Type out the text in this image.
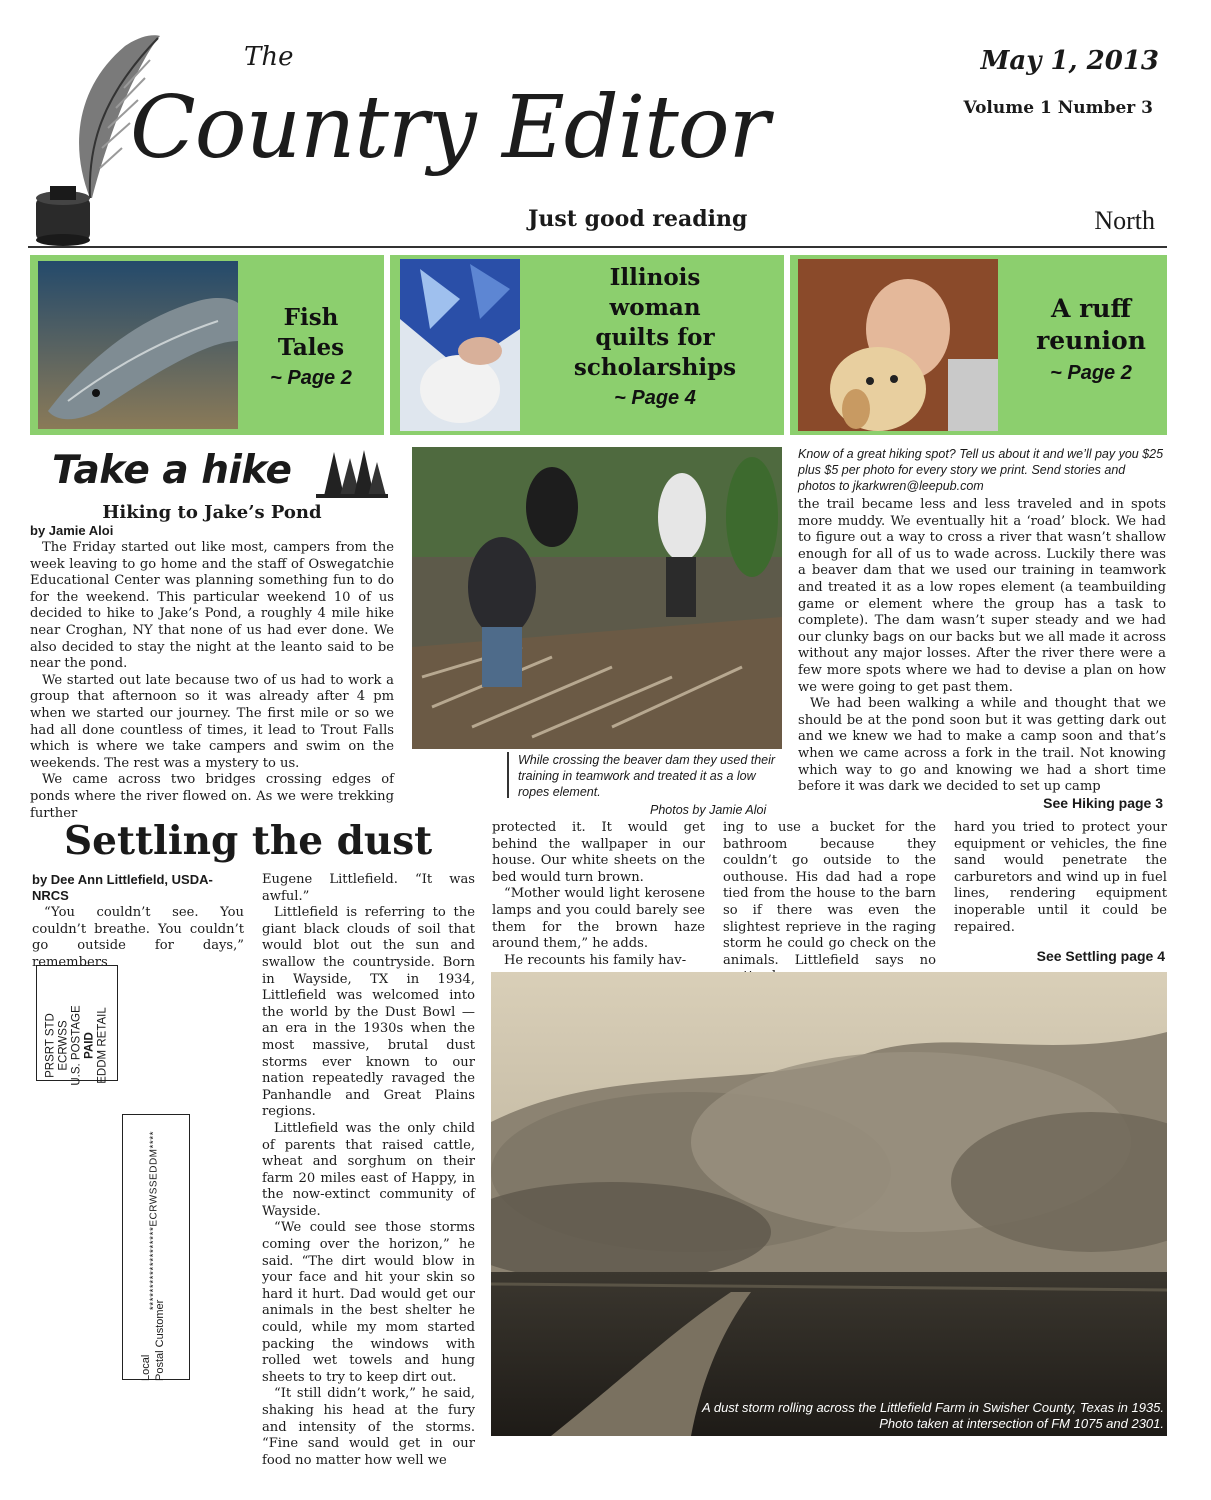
The
Country Editor
Just good reading
May 1, 2013
Volume 1 Number 3
North
Fish
Tales
~ Page 2
Illinois
woman
quilts for
scholarships
~ Page 4
A ruff
reunion
~ Page 2
Take a hike
Hiking to Jake’s Pond
by Jamie Aloi

The Friday started out like most, campers from the week leaving to go home and the staff of Oswegatchie Educational Center was planning something fun to do for the weekend. This particular weekend 10 of us decided to hike to Jake’s Pond, a roughly 4 mile hike near Croghan, NY that none of us had ever done. We also decided to stay the night at the leanto said to be near the pond.

We started out late because two of us had to work a group that afternoon so it was already after 4 pm when we started our journey. The first mile or so we had all done countless of times, it lead to Trout Falls which is where we take campers and swim on the weekends. The rest was a mystery to us.

We came across two bridges crossing edges of ponds where the river flowed on. As we were trekking further

While crossing the beaver dam they used their training in teamwork and treated it as a low ropes element.
Photos by Jamie Aloi
Know of a great hiking spot? Tell us about it and we’ll pay you $25 plus $5 per photo for every story we print. Send stories and photos to jkarkwren@leepub.com

the trail became less and less traveled and in spots more muddy. We eventually hit a ‘road’ block. We had to figure out a way to cross a river that wasn’t shallow enough for all of us to wade across. Luckily there was a beaver dam that we used our training in teamwork and treated it as a low ropes element (a teambuilding game or element where the group has a task to complete). The dam wasn’t super steady and we had our clunky bags on our backs but we all made it across without any major losses. After the river there were a few more spots where we had to devise a plan on how we were going to get past them.

We had been walking a while and thought that we should be at the pond soon but it was getting dark out and we knew we had to make a camp soon and that’s when we came across a fork in the trail. Not knowing which way to go and knowing we had a short time before it was dark we decided to set up camp

See Hiking page 3
Settling the dust
by Dee Ann Littlefield, USDA-NRCS

“You couldn’t see. You couldn’t breathe. You couldn’t go outside for days,” remembers

PRSRT STD ECRWSS U.S. POSTAGE PAID EDDM RETAIL
*******************ECRWSSEDDM****
Local Postal Customer

Eugene Littlefield. “It was awful.”

Littlefield is referring to the giant black clouds of soil that would blot out the sun and swallow the countryside. Born in Wayside, TX in 1934, Littlefield was welcomed into the world by the Dust Bowl — an era in the 1930s when the most massive, brutal dust storms ever known to our nation repeatedly ravaged the Panhandle and Great Plains regions.

Littlefield was the only child of parents that raised cattle, wheat and sorghum on their farm 20 miles east of Happy, in the now-extinct community of Wayside.

“We could see those storms coming over the horizon,” he said. “The dirt would blow in your face and hit your skin so hard it hurt. Dad would get our animals in the best shelter he could, while my mom started packing the windows with rolled wet towels and hung sheets to try to keep dirt out.

“It still didn’t work,” he said, shaking his head at the fury and intensity of the storms. “Fine sand would get in our food no matter how well we

protected it. It would get behind the wallpaper in our house. Our white sheets on the bed would turn brown.

“Mother would light kerosene lamps and you could barely see them for the brown haze around them,” he adds.

He recounts his family hav-

ing to use a bucket for the bathroom because they couldn’t go outside to the outhouse. His dad had a rope tied from the house to the barn so if there was even the slightest reprieve in the raging storm he could go check on the animals. Littlefield says no

hard you tried to protect your equipment or vehicles, the fine sand would penetrate the carburetors and wind up in fuel lines, rendering equipment inoperable until it could be repaired.

See Settling page 4
A dust storm rolling across the Littlefield Farm in Swisher County, Texas in 1935. Photo taken at intersection of FM 1075 and 2301.
